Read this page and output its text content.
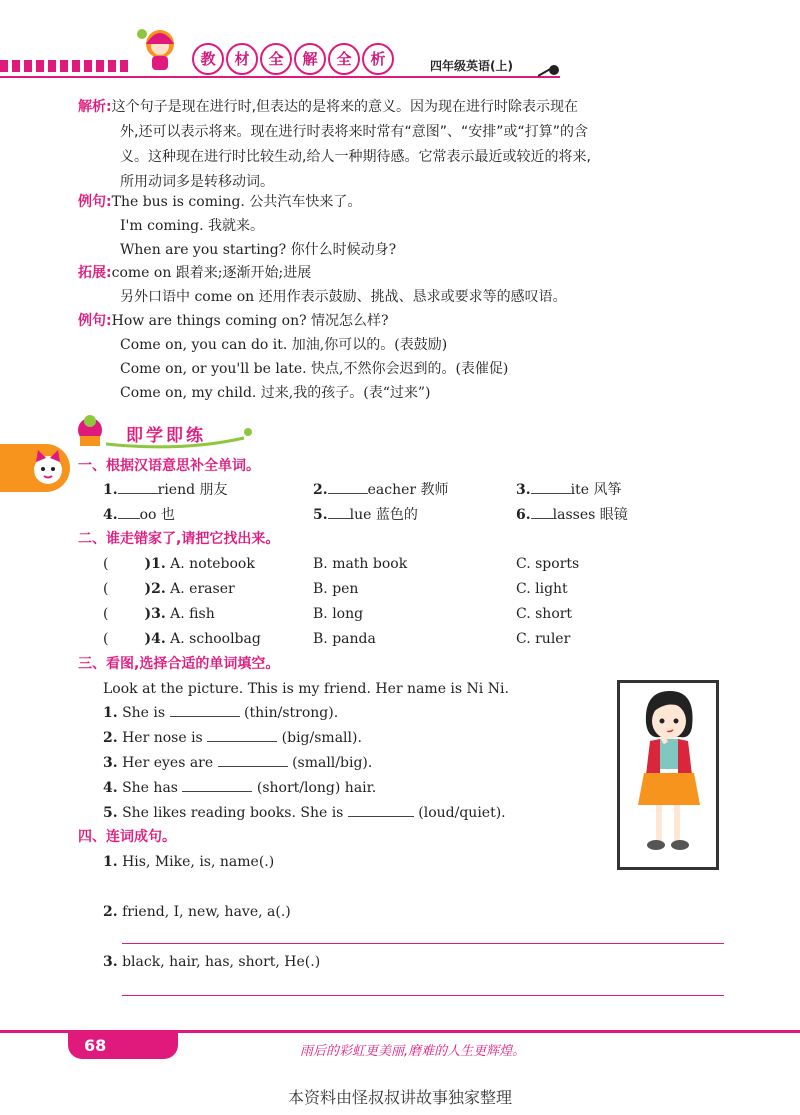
教	材	全	解	全	析	四年级英语(上)
解析:这个句子是现在进行时,但表达的是将来的意义。因为现在进行时除表示现在
外,还可以表示将来。现在进行时表将来时常有“意图”、“安排”或“打算”的含
义。这种现在进行时比较生动,给人一种期待感。它常表示最近或较近的将来,
所用动词多是转移动词。
例句:The bus is coming. 公共汽车快来了。
I'm coming. 我就来。
When are you starting? 你什么时候动身?
拓展:come on 跟着来;逐渐开始;进展
另外口语中 come on 还用作表示鼓励、挑战、恳求或要求等的感叹语。
例句:How are things coming on? 情况怎么样?
Come on, you can do it. 加油,你可以的。(表鼓励)
Come on, or you'll be late. 快点,不然你会迟到的。(表催促)
Come on, my child. 过来,我的孩子。(表“过来”)
即学即练
一、根据汉语意思补全单词。
1.	riend 朋友	2.	eacher 教师	3.	ite 风筝
4. oo 也	5. lue 蓝色的	6. lasses 眼镜
二、谁走错家了,请把它找出来。
(	)1. A. notebook	B. math book	C. sports
(	)2. A. eraser	B. pen	C. light
(	)3. A. fish	B. long	C. short
(	)4. A. schoolbag	B. panda	C. ruler
三、看图,选择合适的单词填空。
Look at the picture. This is my friend. Her name is Ni Ni.
1. She is	(thin/strong).
2. Her nose is	(big/small).
3. Her eyes are	(small/big).
4. She has	(short/long) hair.
5. She likes reading books. She is	(loud/quiet).
四、连词成句。
1. His, Mike, is, name(.)
2. friend, I, new, have, a(.)
3. black, hair, has, short, He(.)
68	雨后的彩虹更美丽,磨难的人生更辉煌。
本资料由怪叔叔讲故事独家整理
